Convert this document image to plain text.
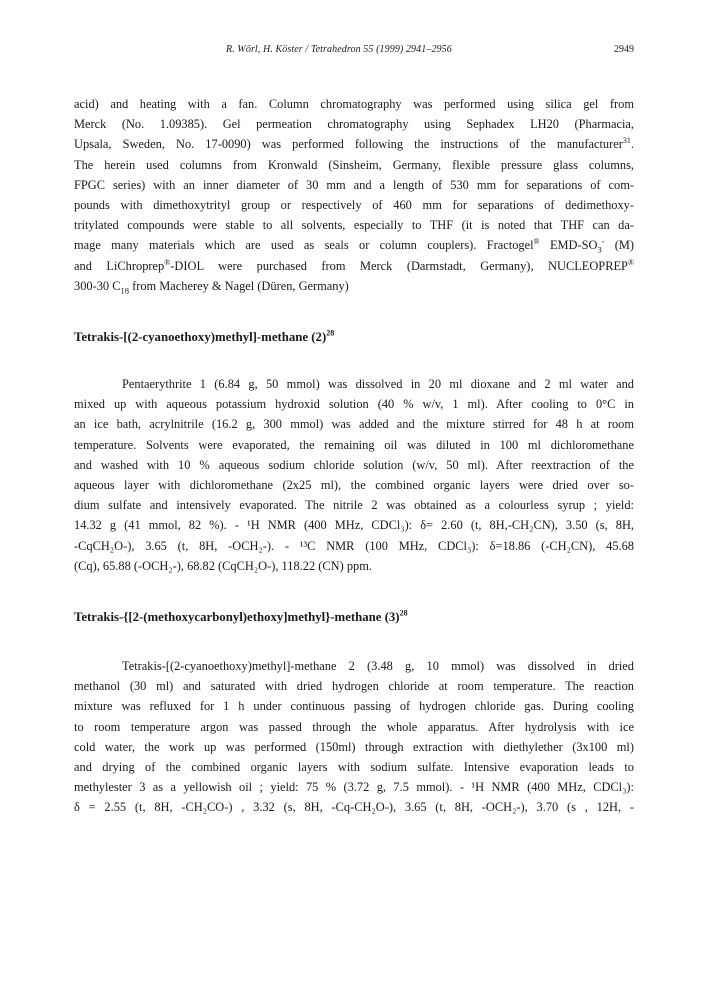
R. Wörl, H. Köster / Tetrahedron 55 (1999) 2941–2956	2949
acid) and heating with a fan. Column chromatography was performed using silica gel from
Merck (No. 1.09385). Gel permeation chromatography using Sephadex LH20 (Pharmacia,
Upsala, Sweden, No. 17-0090) was performed following the instructions of the manufacturer$^{31}$.
The herein used columns from Kronwald (Sinsheim, Germany, flexible pressure glass columns,
FPGC series) with an inner diameter of 30 mm and a length of 530 mm for separations of com-
pounds with dimethoxytrityl group or respectively of 460 mm for separations of dedimethoxy-
tritylated compounds were stable to all solvents, especially to THF (it is noted that THF can da-
mage many materials which are used as seals or column couplers). Fractogel® EMD-$SO_3^-$ (M)
and LiChroprep®-DIOL were purchased from Merck (Darmstadt, Germany), NUCLEOPREP®
300-30 $C_{18}$ from Macherey & Nagel (Düren, Germany)
Tetrakis-[(2-cyanoethoxy)methyl]-methane $(2)^{28}$
Pentaerythrite 1 (6.84 g, 50 mmol) was dissolved in 20 ml dioxane and 2 ml water and
mixed up with aqueous potassium hydroxid solution (40 % w/v, 1 ml). After cooling to 0°C in
an ice bath, acrylnitrile (16.2 g, 300 mmol) was added and the mixture stirred for 48 h at room
temperature. Solvents were evaporated, the remaining oil was diluted in 100 ml dichloromethane
and washed with 10 % aqueous sodium chloride solution (w/v, 50 ml). After reextraction of the
aqueous layer with dichloromethane (2x25 ml), the combined organic layers were dried over so-
dium sulfate and intensively evaporated. The nitrile 2 was obtained as a colourless syrup ; yield:
14.32 g (41 mmol, 82 %). - ¹H NMR (400 MHz, CDCl₃): δ= 2.60 (t, 8H,-CH₂CN), 3.50 (s, 8H,
-CqCH₂O-), 3.65 (t, 8H, -OCH₂-). - ¹³C NMR (100 MHz, CDCl₃): δ=18.86 (-CH₂CN), 45.68
(Cq), 65.88 (-OCH₂-), 68.82 (CqCH₂O-), 118.22 (CN) ppm.
Tetrakis-{[2-(methoxycarbonyl)ethoxy]methyl}-methane $(3)^{28}$
Tetrakis-[(2-cyanoethoxy)methyl]-methane 2 (3.48 g, 10 mmol) was dissolved in dried
methanol (30 ml) and saturated with dried hydrogen chloride at room temperature. The reaction
mixture was refluxed for 1 h under continuous passing of hydrogen chloride gas. During cooling
to room temperature argon was passed through the whole apparatus. After hydrolysis with ice
cold water, the work up was performed (150ml) through extraction with diethylether (3x100 ml)
and drying of the combined organic layers with sodium sulfate. Intensive evaporation leads to
methylester 3 as a yellowish oil ; yield: 75 % (3.72 g, 7.5 mmol). - ¹H NMR (400 MHz, CDCl₃):
δ = 2.55 (t, 8H, -CH₂CO-) , 3.32 (s, 8H, -Cq-CH₂O-), 3.65 (t, 8H, -OCH₂-), 3.70 (s , 12H, -
